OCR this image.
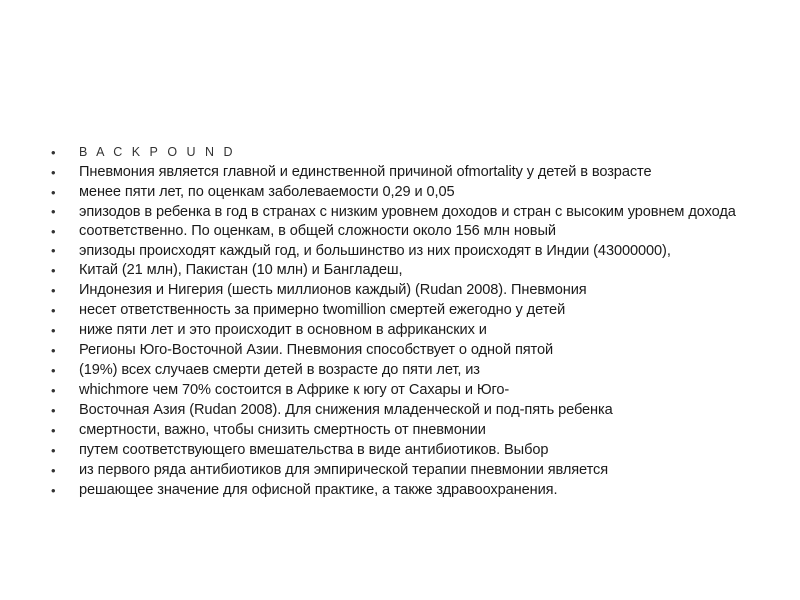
• B A C K Р O U N D
• Пневмония является главной и единственной причиной ofmortality у детей в возрасте
• менее пяти лет, по оценкам заболеваемости 0,29 и 0,05
• эпизодов в ребенка в год в странах с низким уровнем доходов и стран с высоким уровнем дохода
• соответственно. По оценкам, в общей сложности около 156 млн новый
• эпизоды происходят каждый год, и большинство из них происходят в Индии (43000000),
• Китай (21 млн), Пакистан (10 млн) и Бангладеш,
• Индонезия и Нигерия (шесть миллионов каждый) (Rudan 2008). Пневмония
• несет ответственность за примерно twomillion смертей ежегодно у детей
• ниже пяти лет и это происходит в основном в африканских и
• Регионы Юго-Восточной Азии. Пневмония способствует о одной пятой
• (19%) всех случаев смерти детей в возрасте до пяти лет, из
• whichmore чем 70% состоится в Африке к югу от Сахары и Юго-
• Восточная Азия (Rudan 2008). Для снижения младенческой и под-пять ребенка
• смертности, важно, чтобы снизить смертность от пневмонии
• путем соответствующего вмешательства в виде антибиотиков. Выбор
• из первого ряда антибиотиков для эмпирической терапии пневмонии является
• решающее значение для офисной практике, а также здравоохранения.
